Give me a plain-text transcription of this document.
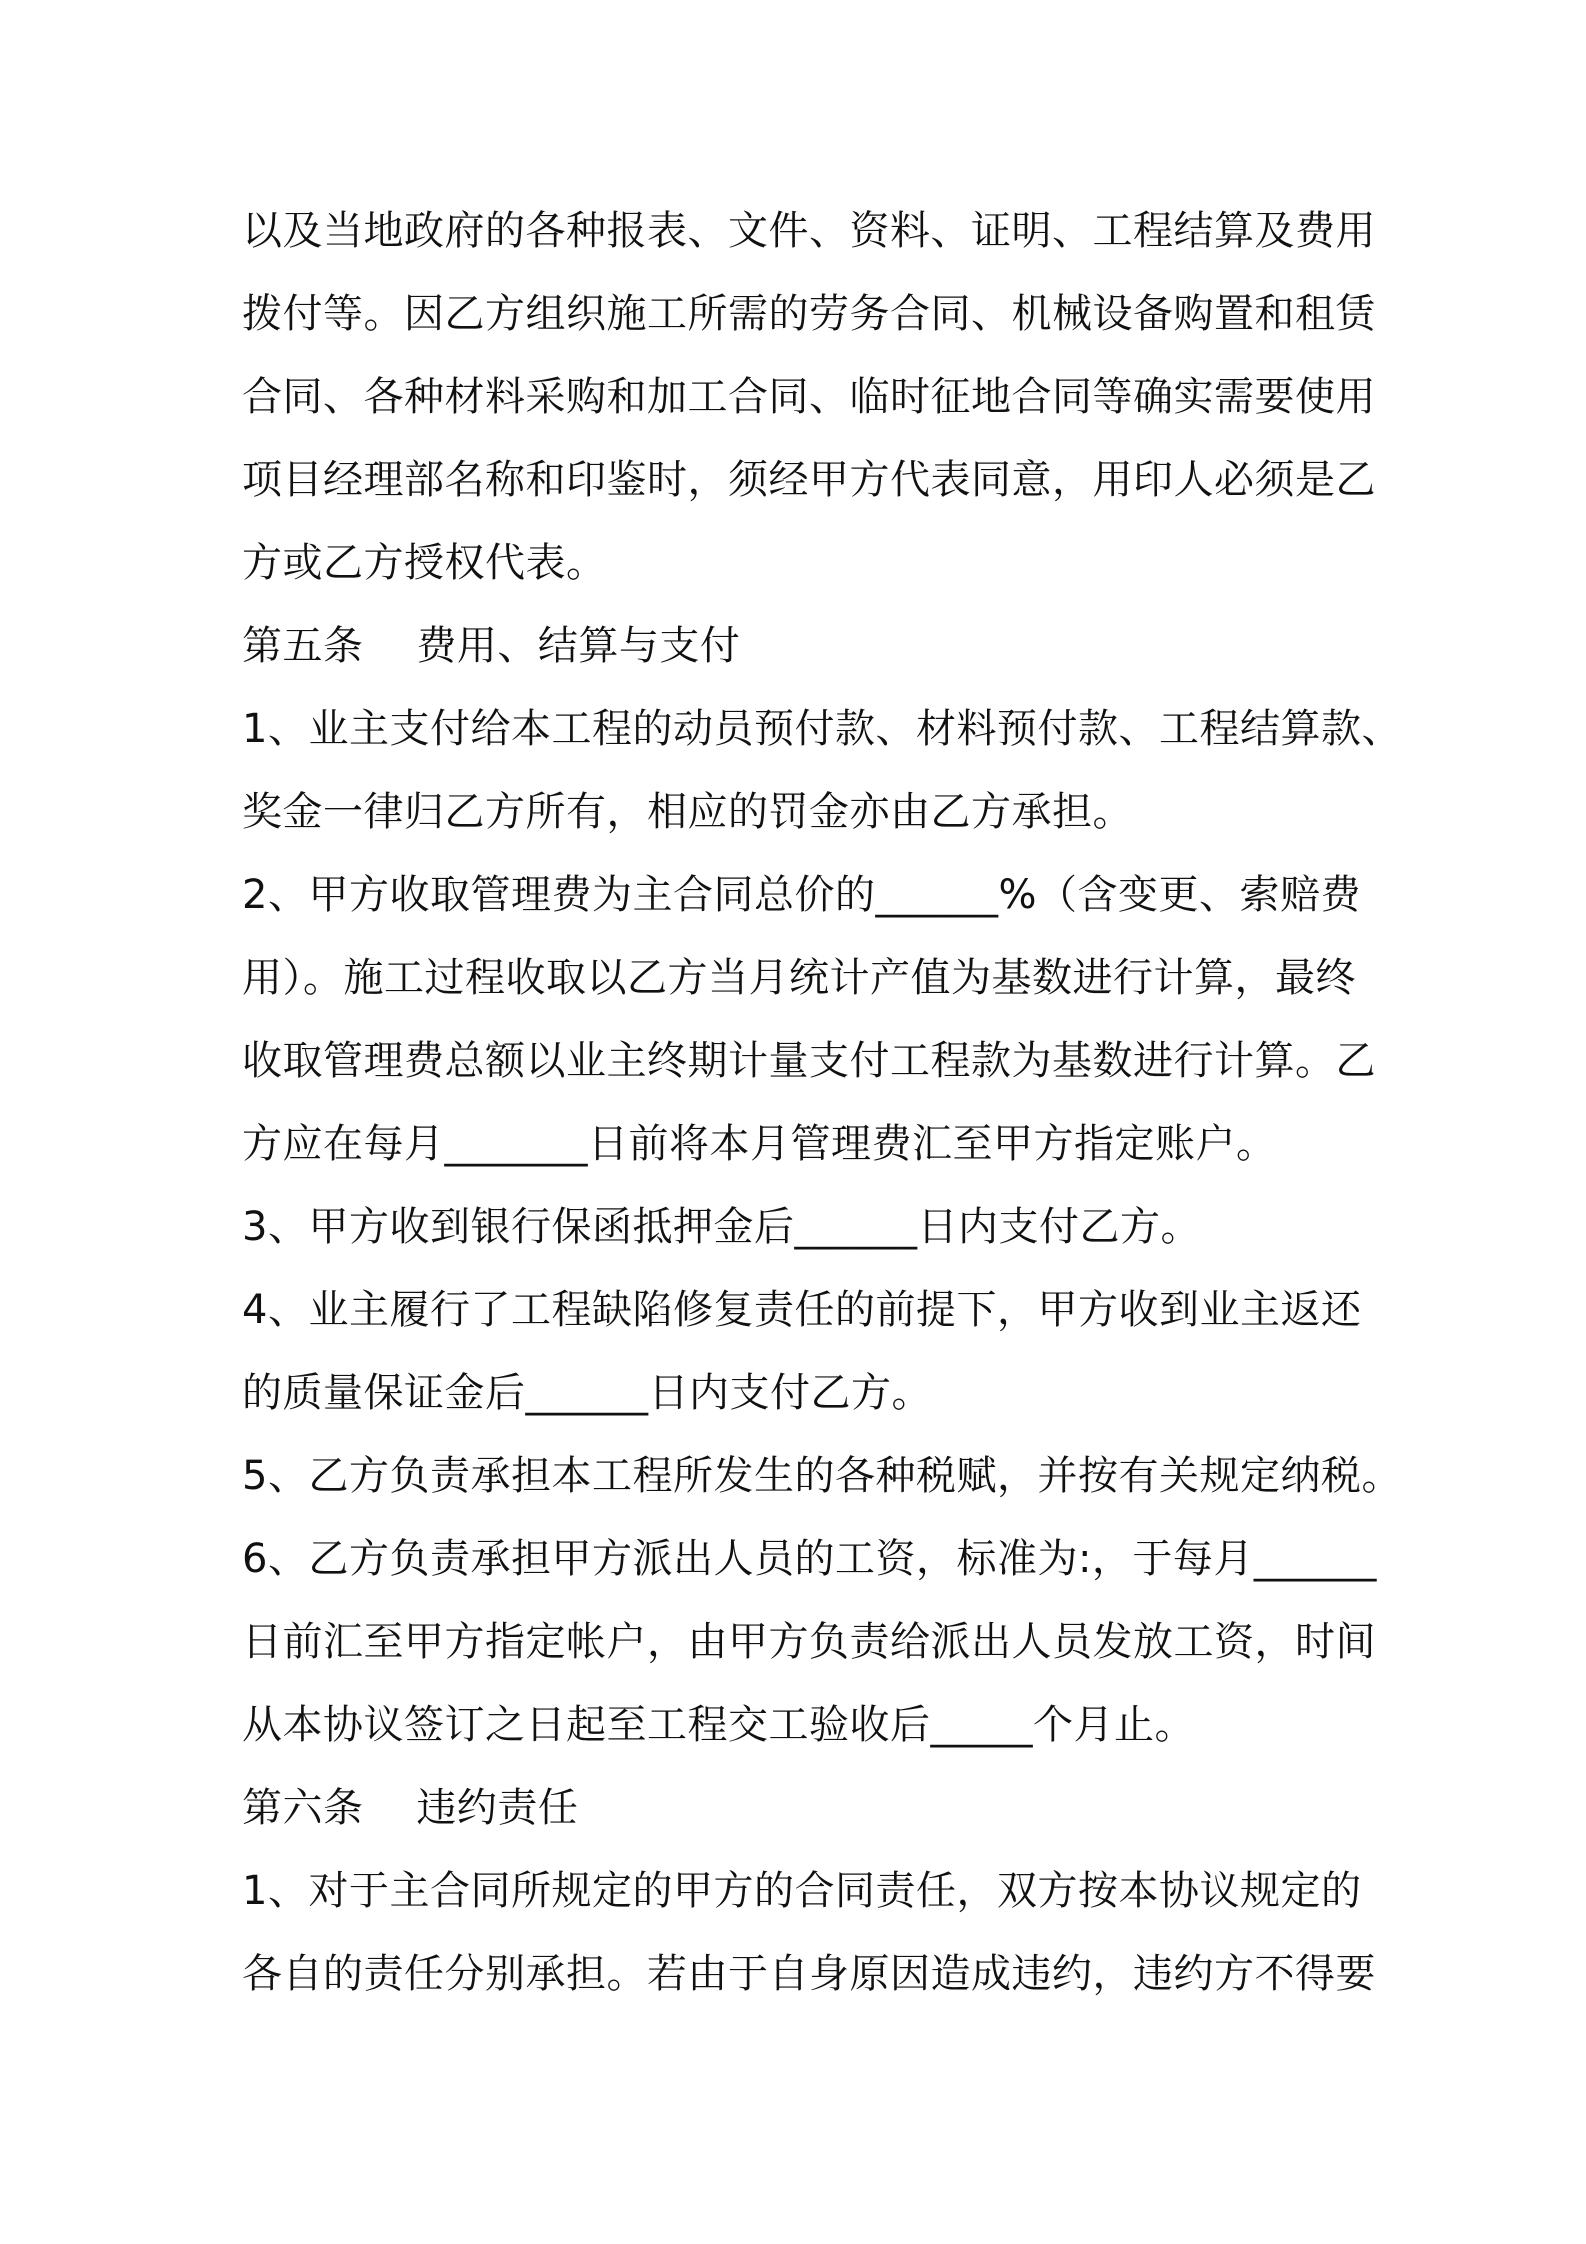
以及当地政府的各种报表、文件、资料、证明、工程结算及费用
拨付等。因乙方组织施工所需的劳务合同、机械设备购置和租赁
合同、各种材料采购和加工合同、临时征地合同等确实需要使用
项目经理部名称和印鉴时，须经甲方代表同意，用印人必须是乙
方或乙方授权代表。
第五条    费用、结算与支付
1、业主支付给本工程的动员预付款、材料预付款、工程结算款、
奖金一律归乙方所有，相应的罚金亦由乙方承担。
2、甲方收取管理费为主合同总价的______%（含变更、索赔费
用）。施工过程收取以乙方当月统计产值为基数进行计算，最终
收取管理费总额以业主终期计量支付工程款为基数进行计算。乙
方应在每月_______日前将本月管理费汇至甲方指定账户。
3、甲方收到银行保函抵押金后______日内支付乙方。
4、业主履行了工程缺陷修复责任的前提下，甲方收到业主返还
的质量保证金后______日内支付乙方。
5、乙方负责承担本工程所发生的各种税赋，并按有关规定纳税。
6、乙方负责承担甲方派出人员的工资，标准为:，于每月______
日前汇至甲方指定帐户，由甲方负责给派出人员发放工资，时间
从本协议签订之日起至工程交工验收后_____个月止。
第六条    违约责任
1、对于主合同所规定的甲方的合同责任，双方按本协议规定的
各自的责任分别承担。若由于自身原因造成违约，违约方不得要
